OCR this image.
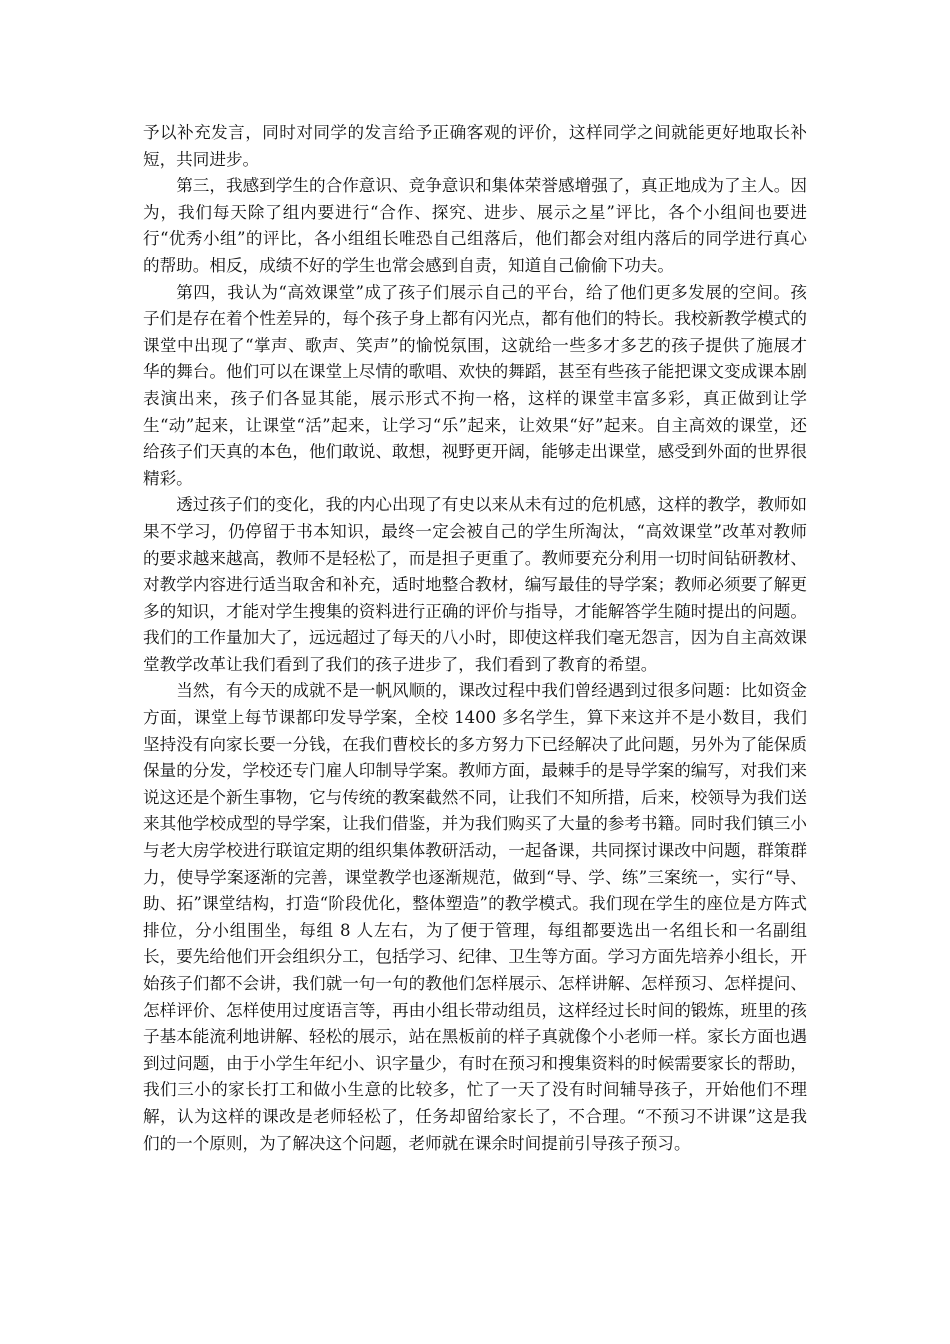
予以补充发言，同时对同学的发言给予正确客观的评价，这样同学之间就能更好地取长补短，共同进步。

第三，我感到学生的合作意识、竞争意识和集体荣誉感增强了，真正地成为了主人。因为，我们每天除了组内要进行“合作、探究、进步、展示之星”评比，各个小组间也要进行“优秀小组”的评比，各小组组长唯恐自己组落后，他们都会对组内落后的同学进行真心的帮助。相反，成绩不好的学生也常会感到自责，知道自己偷偷下功夫。

第四，我认为“高效课堂”成了孩子们展示自己的平台，给了他们更多发展的空间。孩子们是存在着个性差异的，每个孩子身上都有闪光点，都有他们的特长。我校新教学模式的课堂中出现了“掌声、歌声、笑声”的愉悦氛围，这就给一些多才多艺的孩子提供了施展才华的舞台。他们可以在课堂上尽情的歌唱、欢快的舞蹈，甚至有些孩子能把课文变成课本剧表演出来，孩子们各显其能，展示形式不拘一格，这样的课堂丰富多彩，真正做到让学生“动”起来，让课堂“活”起来，让学习“乐”起来，让效果“好”起来。自主高效的课堂，还给孩子们天真的本色，他们敢说、敢想，视野更开阔，能够走出课堂，感受到外面的世界很精彩。

透过孩子们的变化，我的内心出现了有史以来从未有过的危机感，这样的教学，教师如果不学习，仍停留于书本知识，最终一定会被自己的学生所淘汰，“高效课堂”改革对教师的要求越来越高，教师不是轻松了，而是担子更重了。教师要充分利用一切时间钻研教材、对教学内容进行适当取舍和补充，适时地整合教材，编写最佳的导学案；教师必须要了解更多的知识，才能对学生搜集的资料进行正确的评价与指导，才能解答学生随时提出的问题。我们的工作量加大了，远远超过了每天的八小时，即使这样我们毫无怨言，因为自主高效课堂教学改革让我们看到了我们的孩子进步了，我们看到了教育的希望。

当然，有今天的成就不是一帆风顺的，课改过程中我们曾经遇到过很多问题：比如资金方面，课堂上每节课都印发导学案，全校 1400 多名学生，算下来这并不是小数目，我们坚持没有向家长要一分钱，在我们曹校长的多方努力下已经解决了此问题，另外为了能保质保量的分发，学校还专门雇人印制导学案。教师方面，最棘手的是导学案的编写，对我们来说这还是个新生事物，它与传统的教案截然不同，让我们不知所措，后来，校领导为我们送来其他学校成型的导学案，让我们借鉴，并为我们购买了大量的参考书籍。同时我们镇三小与老大房学校进行联谊定期的组织集体教研活动，一起备课，共同探讨课改中问题，群策群力，使导学案逐渐的完善，课堂教学也逐渐规范，做到“导、学、练”三案统一，实行“导、助、拓”课堂结构，打造“阶段优化，整体塑造”的教学模式。我们现在学生的座位是方阵式排位，分小组围坐，每组 8 人左右，为了便于管理，每组都要选出一名组长和一名副组长，要先给他们开会组织分工，包括学习、纪律、卫生等方面。学习方面先培养小组长，开始孩子们都不会讲，我们就一句一句的教他们怎样展示、怎样讲解、怎样预习、怎样提问、怎样评价、怎样使用过度语言等，再由小组长带动组员，这样经过长时间的锻炼，班里的孩子基本能流利地讲解、轻松的展示，站在黑板前的样子真就像个小老师一样。家长方面也遇到过问题，由于小学生年纪小、识字量少，有时在预习和搜集资料的时候需要家长的帮助，我们三小的家长打工和做小生意的比较多，忙了一天了没有时间辅导孩子，开始他们不理解，认为这样的课改是老师轻松了，任务却留给家长了，不合理。“不预习不讲课”这是我们的一个原则，为了解决这个问题，老师就在课余时间提前引导孩子预习。
